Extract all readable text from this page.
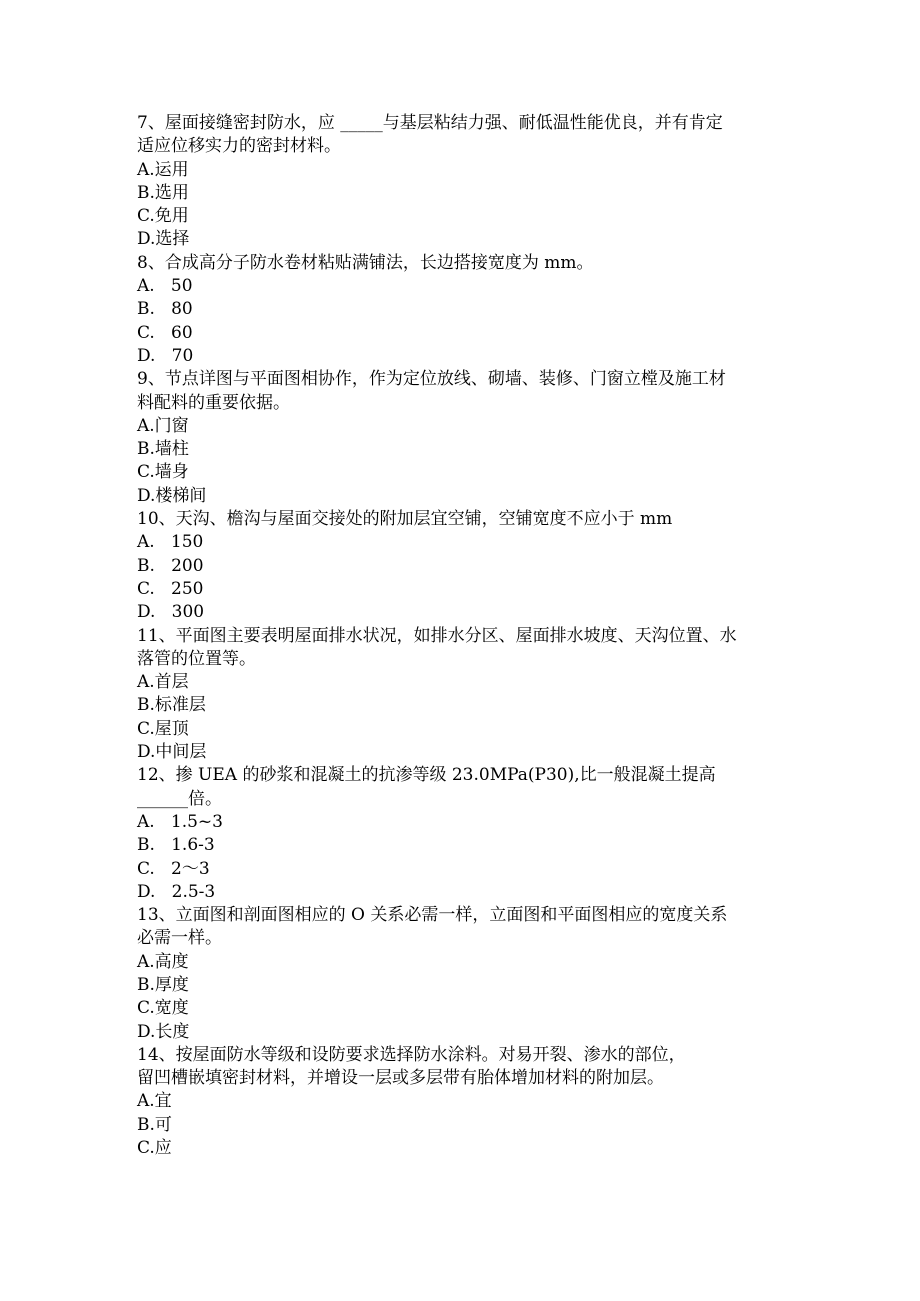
7、屋面接缝密封防水，应 _____与基层粘结力强、耐低温性能优良，并有肯定

适应位移实力的密封材料。

A.运用

B.选用

C.免用

D.选择

8、合成高分子防水卷材粘贴满铺法，长边搭接宽度为 mm。

A.   50

B.   80

C.   60

D.   70

9、节点详图与平面图相协作，作为定位放线、砌墙、装修、门窗立樘及施工材

料配料的重要依据。

A.门窗

B.墙柱

C.墙身

D.楼梯间

10、天沟、檐沟与屋面交接处的附加层宜空铺，空铺宽度不应小于 mm

A.   150

B.   200

C.   250

D.   300

11、平面图主要表明屋面排水状况，如排水分区、屋面排水坡度、天沟位置、水

落管的位置等。

A.首层

B.标准层

C.屋顶

D.中间层

12、掺 UEA 的砂浆和混凝土的抗渗等级 23.0MPa(P30),比一般混凝土提高

______倍。

A.   1.5~3

B.   1.6-3

C.   2～3

D.   2.5-3

13、立面图和剖面图相应的 O 关系必需一样，立面图和平面图相应的宽度关系

必需一样。

A.高度

B.厚度

C.宽度

D.长度

14、按屋面防水等级和设防要求选择防水涂料。对易开裂、渗水的部位，

留凹槽嵌填密封材料，并增设一层或多层带有胎体增加材料的附加层。

A.宜

B.可

C.应
